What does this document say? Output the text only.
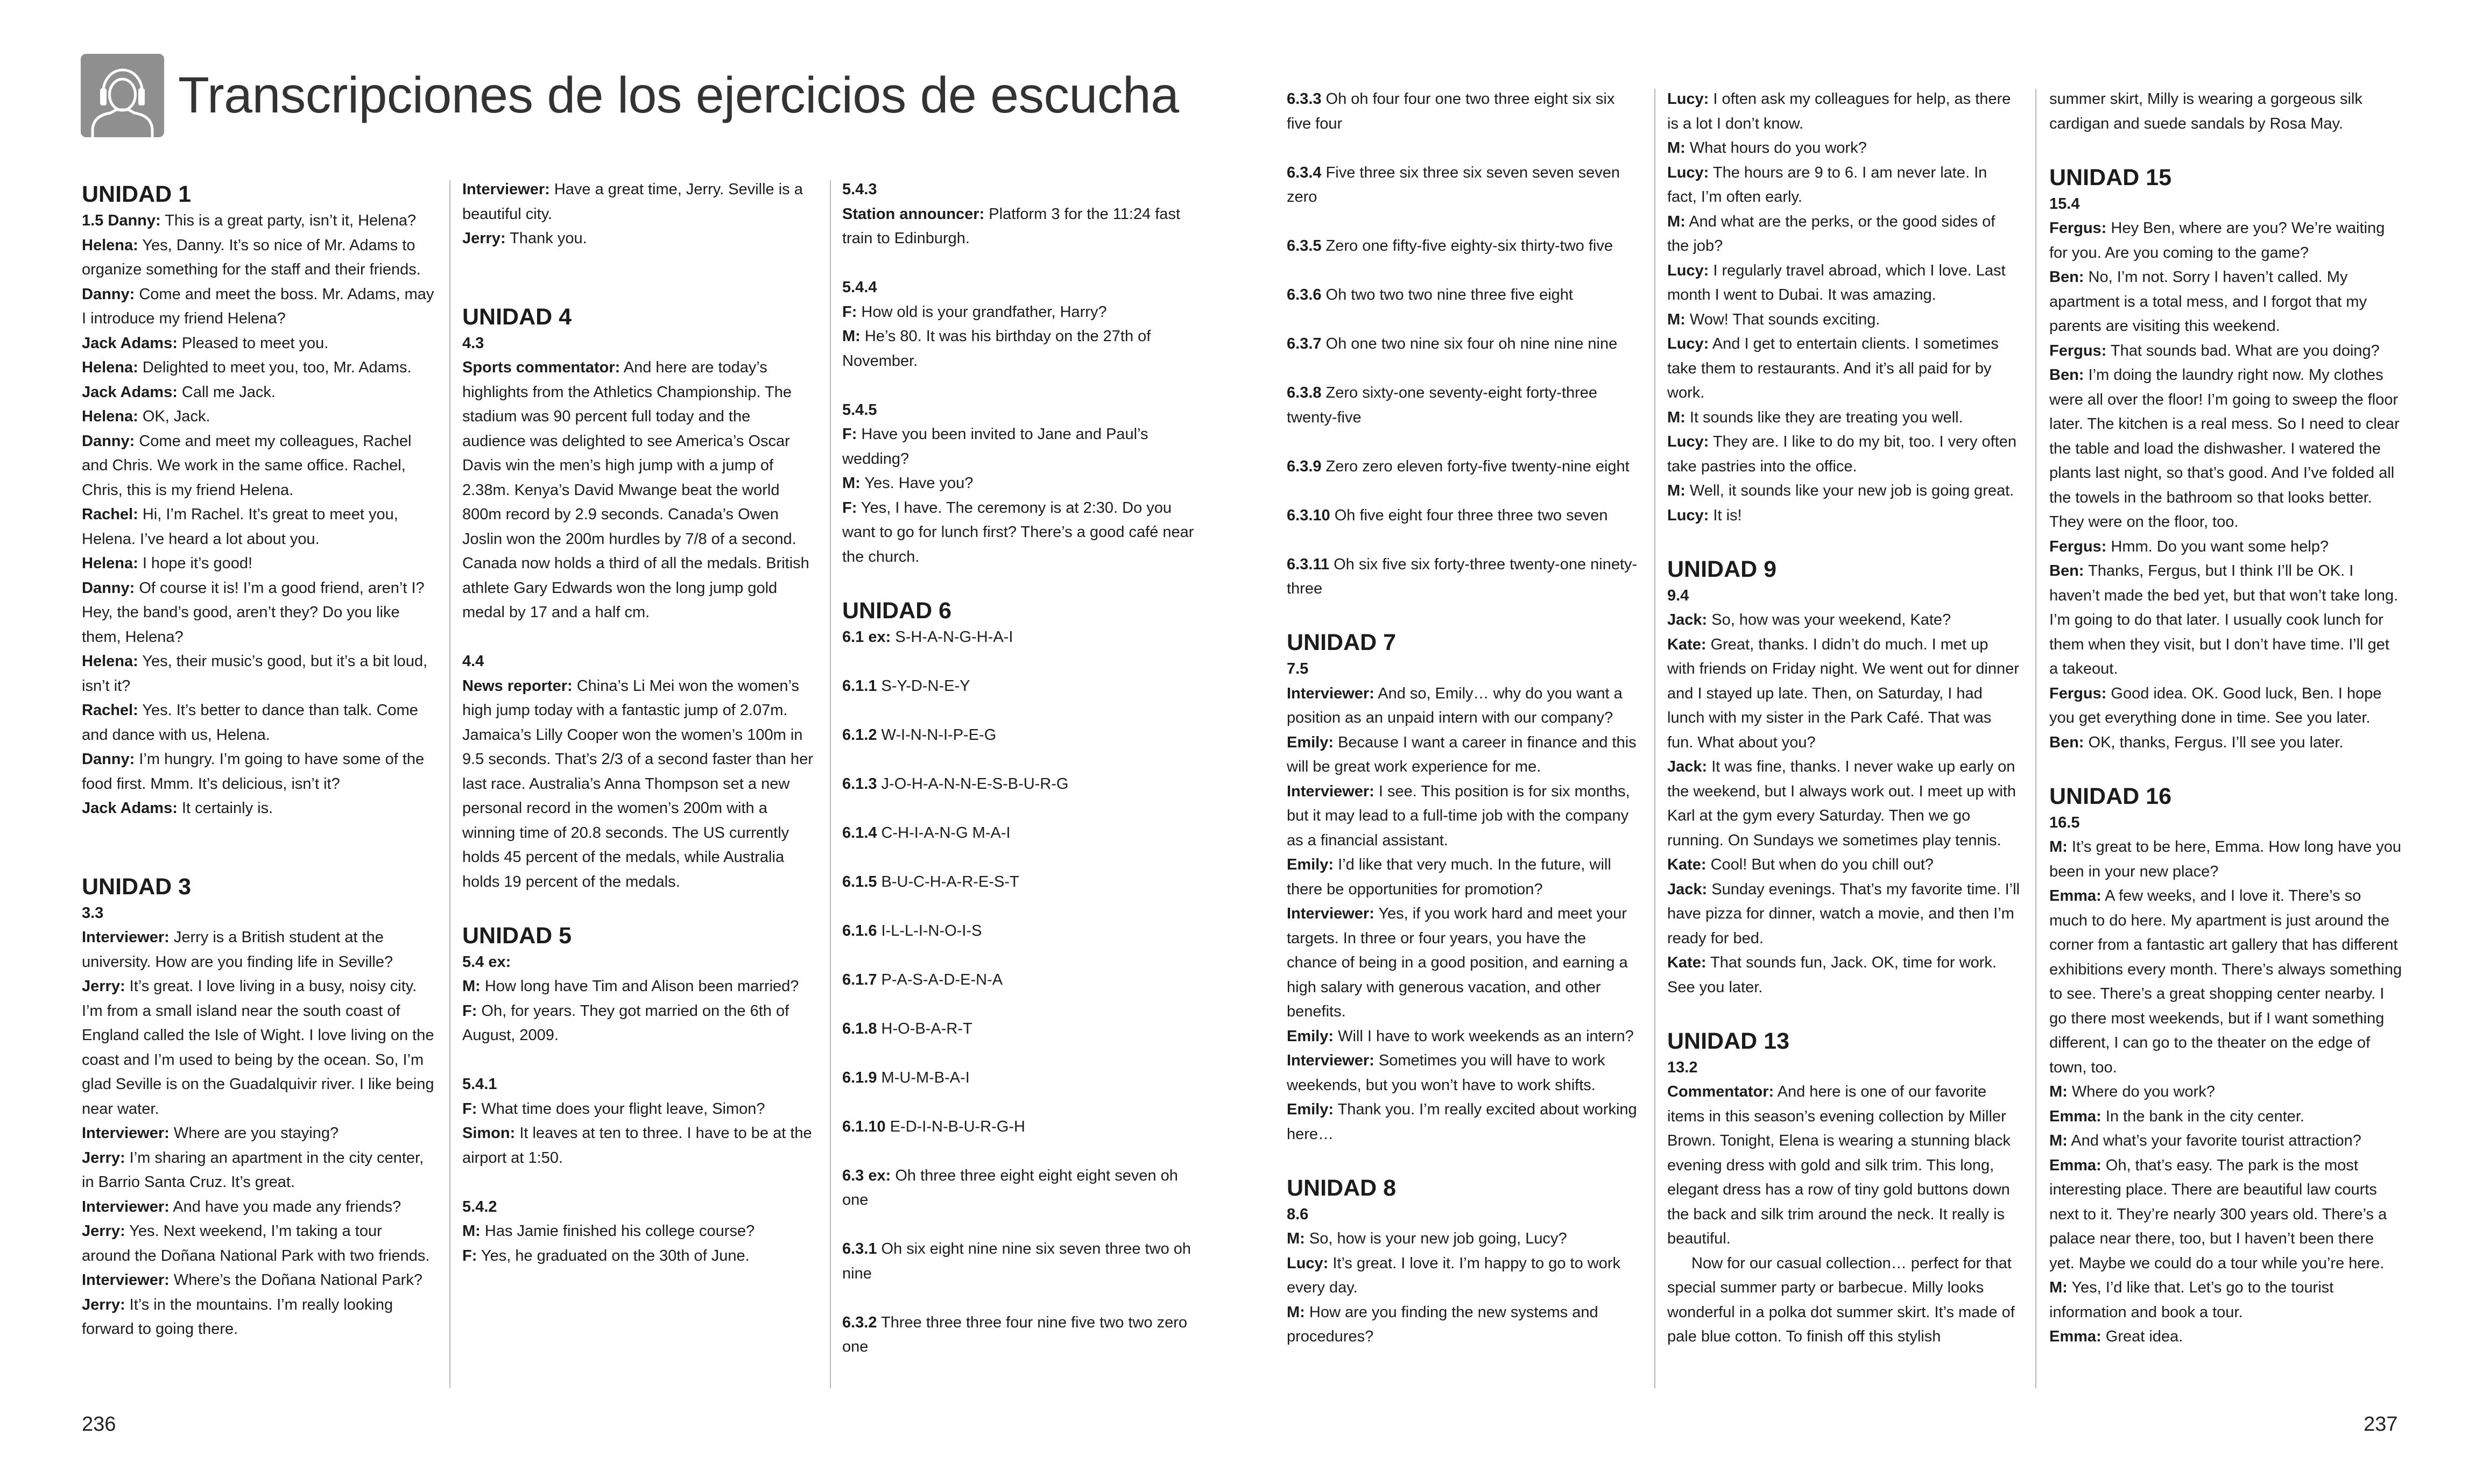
Transcripciones de los ejercicios de escucha
UNIDAD 1

1.5 Danny: This is a great party, isn’t it, Helena?

Helena: Yes, Danny. It’s so nice of Mr. Adams to organize something for the staff and their friends.

Danny: Come and meet the boss. Mr. Adams, may I introduce my friend Helena?

Jack Adams: Pleased to meet you.

Helena: Delighted to meet you, too, Mr. Adams.

Jack Adams: Call me Jack.

Helena: OK, Jack.

Danny: Come and meet my colleagues, Rachel and Chris. We work in the same office. Rachel, Chris, this is my friend Helena.

Rachel: Hi, I’m Rachel. It’s great to meet you, Helena. I’ve heard a lot about you.

Helena: I hope it’s good!

Danny: Of course it is! I’m a good friend, aren’t I? Hey, the band’s good, aren’t they? Do you like them, Helena?

Helena: Yes, their music’s good, but it’s a bit loud, isn’t it?

Rachel: Yes. It’s better to dance than talk. Come and dance with us, Helena.

Danny: I’m hungry. I’m going to have some of the food first. Mmm. It’s delicious, isn’t it?

Jack Adams: It certainly is.

UNIDAD 3

3.3

Interviewer: Jerry is a British student at the university. How are you finding life in Seville?

Jerry: It’s great. I love living in a busy, noisy city. I’m from a small island near the south coast of England called the Isle of Wight. I love living on the coast and I’m used to being by the ocean. So, I’m glad Seville is on the Guadalquivir river. I like being near water.

Interviewer: Where are you staying?

Jerry: I’m sharing an apartment in the city center, in Barrio Santa Cruz. It’s great.

Interviewer: And have you made any friends?

Jerry: Yes. Next weekend, I’m taking a tour around the Doñana National Park with two friends.

Interviewer: Where’s the Doñana National Park?

Jerry: It’s in the mountains. I’m really looking forward to going there.

Interviewer: Have a great time, Jerry. Seville is a beautiful city.

Jerry: Thank you.

UNIDAD 4

4.3

Sports commentator: And here are today’s highlights from the Athletics Championship. The stadium was 90 percent full today and the audience was delighted to see America’s Oscar Davis win the men’s high jump with a jump of 2.38m. Kenya’s David Mwange beat the world 800m record by 2.9 seconds. Canada’s Owen Joslin won the 200m hurdles by 7/8 of a second. Canada now holds a third of all the medals. British athlete Gary Edwards won the long jump gold medal by 17 and a half cm.

4.4

News reporter: China’s Li Mei won the women’s high jump today with a fantastic jump of 2.07m. Jamaica’s Lilly Cooper won the women’s 100m in 9.5 seconds. That’s 2/3 of a second faster than her last race. Australia’s Anna Thompson set a new personal record in the women’s 200m with a winning time of 20.8 seconds. The US currently holds 45 percent of the medals, while Australia holds 19 percent of the medals.

UNIDAD 5

5.4 ex:

M: How long have Tim and Alison been married?

F: Oh, for years. They got married on the 6th of August, 2009.

5.4.1

F: What time does your flight leave, Simon?

Simon: It leaves at ten to three. I have to be at the airport at 1:50.

5.4.2

M: Has Jamie finished his college course?

F: Yes, he graduated on the 30th of June.

5.4.3

Station announcer: Platform 3 for the 11:24 fast train to Edinburgh.

5.4.4

F: How old is your grandfather, Harry?

M: He’s 80. It was his birthday on the 27th of November.

5.4.5

F: Have you been invited to Jane and Paul’s wedding?

M: Yes. Have you?

F: Yes, I have. The ceremony is at 2:30. Do you want to go for lunch first? There’s a good café near the church.

UNIDAD 6

6.1 ex: S-H-A-N-G-H-A-I

6.1.1 S-Y-D-N-E-Y

6.1.2 W-I-N-N-I-P-E-G

6.1.3 J-O-H-A-N-N-E-S-B-U-R-G

6.1.4 C-H-I-A-N-G M-A-I

6.1.5 B-U-C-H-A-R-E-S-T

6.1.6 I-L-L-I-N-O-I-S

6.1.7 P-A-S-A-D-E-N-A

6.1.8 H-O-B-A-R-T

6.1.9 M-U-M-B-A-I

6.1.10 E-D-I-N-B-U-R-G-H

6.3 ex: Oh three three eight eight eight seven oh one

6.3.1 Oh six eight nine nine six seven three two oh nine

6.3.2 Three three three four nine five two two zero one

6.3.3 Oh oh four four one two three eight six six five four

6.3.4 Five three six three six seven seven seven zero

6.3.5 Zero one fifty-five eighty-six thirty-two five

6.3.6 Oh two two two nine three five eight

6.3.7 Oh one two nine six four oh nine nine nine

6.3.8 Zero sixty-one seventy-eight forty-three twenty-five

6.3.9 Zero zero eleven forty-five twenty-nine eight

6.3.10 Oh five eight four three three two seven

6.3.11 Oh six five six forty-three twenty-one ninety-three

UNIDAD 7

7.5

Interviewer: And so, Emily… why do you want a position as an unpaid intern with our company?

Emily: Because I want a career in finance and this will be great work experience for me.

Interviewer: I see. This position is for six months, but it may lead to a full-time job with the company as a financial assistant.

Emily: I’d like that very much. In the future, will there be opportunities for promotion?

Interviewer: Yes, if you work hard and meet your targets. In three or four years, you have the chance of being in a good position, and earning a high salary with generous vacation, and other benefits.

Emily: Will I have to work weekends as an intern?

Interviewer: Sometimes you will have to work weekends, but you won’t have to work shifts.

Emily: Thank you. I’m really excited about working here…

UNIDAD 8

8.6

M: So, how is your new job going, Lucy?

Lucy: It’s great. I love it. I’m happy to go to work every day.

M: How are you finding the new systems and procedures?

Lucy: I often ask my colleagues for help, as there is a lot I don’t know.

M: What hours do you work?

Lucy: The hours are 9 to 6. I am never late. In fact, I’m often early.

M: And what are the perks, or the good sides of the job?

Lucy: I regularly travel abroad, which I love. Last month I went to Dubai. It was amazing.

M: Wow! That sounds exciting.

Lucy: And I get to entertain clients. I sometimes take them to restaurants. And it’s all paid for by work.

M: It sounds like they are treating you well.

Lucy: They are. I like to do my bit, too. I very often take pastries into the office.

M: Well, it sounds like your new job is going great.

Lucy: It is!

UNIDAD 9

9.4

Jack: So, how was your weekend, Kate?

Kate: Great, thanks. I didn’t do much. I met up with friends on Friday night. We went out for dinner and I stayed up late. Then, on Saturday, I had lunch with my sister in the Park Café. That was fun. What about you?

Jack: It was fine, thanks. I never wake up early on the weekend, but I always work out. I meet up with Karl at the gym every Saturday. Then we go running. On Sundays we sometimes play tennis.

Kate: Cool! But when do you chill out?

Jack: Sunday evenings. That’s my favorite time. I’ll have pizza for dinner, watch a movie, and then I’m ready for bed.

Kate: That sounds fun, Jack. OK, time for work. See you later.

UNIDAD 13

13.2

Commentator: And here is one of our favorite items in this season’s evening collection by Miller Brown. Tonight, Elena is wearing a stunning black evening dress with gold and silk trim. This long, elegant dress has a row of tiny gold buttons down the back and silk trim around the neck. It really is beautiful.

Now for our casual collection… perfect for that special summer party or barbecue. Milly looks wonderful in a polka dot summer skirt. It’s made of pale blue cotton. To finish off this stylish

summer skirt, Milly is wearing a gorgeous silk cardigan and suede sandals by Rosa May.

UNIDAD 15

15.4

Fergus: Hey Ben, where are you? We’re waiting for you. Are you coming to the game?

Ben: No, I’m not. Sorry I haven’t called. My apartment is a total mess, and I forgot that my parents are visiting this weekend.

Fergus: That sounds bad. What are you doing?

Ben: I’m doing the laundry right now. My clothes were all over the floor! I’m going to sweep the floor later. The kitchen is a real mess. So I need to clear the table and load the dishwasher. I watered the plants last night, so that’s good. And I’ve folded all the towels in the bathroom so that looks better. They were on the floor, too.

Fergus: Hmm. Do you want some help?

Ben: Thanks, Fergus, but I think I’ll be OK. I haven’t made the bed yet, but that won’t take long. I’m going to do that later. I usually cook lunch for them when they visit, but I don’t have time. I’ll get a takeout.

Fergus: Good idea. OK. Good luck, Ben. I hope you get everything done in time. See you later.

Ben: OK, thanks, Fergus. I’ll see you later.

UNIDAD 16

16.5

M: It’s great to be here, Emma. How long have you been in your new place?

Emma: A few weeks, and I love it. There’s so much to do here. My apartment is just around the corner from a fantastic art gallery that has different exhibitions every month. There’s always something to see. There’s a great shopping center nearby. I go there most weekends, but if I want something different, I can go to the theater on the edge of town, too.

M: Where do you work?

Emma: In the bank in the city center.

M: And what’s your favorite tourist attraction?

Emma: Oh, that’s easy. The park is the most interesting place. There are beautiful law courts next to it. They’re nearly 300 years old. There’s a palace near there, too, but I haven’t been there yet. Maybe we could do a tour while you’re here.

M: Yes, I’d like that. Let’s go to the tourist information and book a tour.

Emma: Great idea.

236	237
